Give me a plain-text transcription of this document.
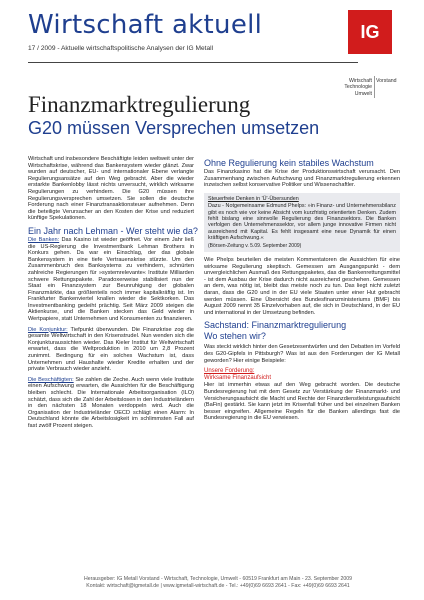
Wirtschaft aktuell
17 / 2009 - Aktuelle wirtschaftspolitische Analysen der IG Metall
IG
Wirtschaft
Technologie
Umwelt
Vorstand
Finanzmarktregulierung
G20 müssen Versprechen umsetzen

Wirtschaft und insbesondere Beschäftigte leiden weltweit unter der Wirtschaftskrise, während das Bankensystem wieder glänzt. Zwar wurden auf deutscher, EU- und internationaler Ebene verlangte Regulierungsansätze auf den Weg gebracht. Aber die wieder erstarkte Bankenlobby lässt nichts unversucht, wirklich wirksame Regulierungen zu verhindern. Die G20 müssen ihre Regulierungsversprechen umsetzen. Sie sollen die deutsche Forderung nach einer Finanztransaktionsteuer aufnehmen. Denn die beteiligte Verursacher an den Kosten der Krise und reduziert künftige Spekulationen.

Ein Jahr nach Lehman - Wer steht wie da?

Die Banken: Das Kasino ist wieder geöffnet. Vor einem Jahr ließ die US-Regierung die Investmentbank Lehman Brothers in Konkurs gehen. Da war ein Einschlag, der das globale Bankensystem in eine tiefe Vertrauenskrise stürzte. Um den Zusammenbruch des Banksystems zu verhindern, schnürten zahlreiche Regierungen für »systemrelevante« Institute Milliarden schwere Rettungspakete. Paradoxerweise stabilisiert nun der Staat ein Finanzsystem zur Beunruhigung der globalen Finanzmärkte, das größtenteils noch immer kapitalkräftig ist. Im Frankfurter Bankenviertel knallen wieder die Sektkorken. Das Investmentbanking gedeiht prächtig. Seit März 2009 steigen die Aktienkurse, und die Banken stecken das Geld wieder in Wertpapiere, statt Unternehmen und Konsumenten zu finanzieren.

Die Konjunktur: Tiefpunkt überwunden. Die Finanzkrise zog die gesamte Weltwirtschaft in den Krisenstrudel. Nun wenden sich die Konjunkturaussichten wieder. Das Kieler Institut für Weltwirtschaft erwartet, dass die Weltproduktion in 2010 um 2,8 Prozent zunimmt. Bedingung für ein solches Wachstum ist, dass Unternehmen und Haushalte wieder Kredite erhalten und der private Verbrauch wieder anzieht.

Die Beschäftigten: Sie zahlen die Zeche. Auch wenn viele Institute einen Aufschwung erwarten, die Aussichten für die Beschäftigung bleiben schlecht. Die Internationale Arbeitsorganisation (ILO) schätzt, dass sich die Zahl der Arbeitslosen in den Industrieländern in den nächsten 18 Monaten verdoppeln wird. Auch die Organisation der Industrieländer OECD schlägt einen Alarm: In Deutschland könnte die Arbeitslosigkeit im schlimmsten Fall auf fast zwölf Prozent steigen.

Ohne Regulierung kein stabiles Wachstum

Das Finanzkasino hat die Krise der Produktionswirtschaft verursacht. Den Zusammenhang zwischen Aufschwung und Finanzmarktregulierung erkennen inzwischen selbst konservative Politiker und Wissenschaftler.

Steuerfreie Denken in 'Ü'-Übersunden
Dazu - Notgemeinsame Edmund Phelps: »in Finanz- und Unternehmensbilanz gibt es noch wie vor keine Absicht vom kurzfristig orientierten Denken. Zudem fehlt bislang eine sinnvolle Regulierung des Finanzsektors. Die Banken verfolgen den Unternehmenssektor, vor allem junge innovative Firmen nicht ausreichend mit Kapital. Es fehlt insgesamt eine neue Dynamik für einen kräftigen Aufschwung.«
(Börsen-Zeitung v. 5.09. September 2009)

Wie Phelps beurteilen die meisten Kommentatoren die Aussichten für eine wirksame Regulierung skeptisch. Gemessen am Ausgangspunkt - dem unvergleichlichen Ausmaß des Rettungspaketes, das die Bankenrettungsmittel - ist dem Ausbau der Krise dadurch nicht ausreichend geschehen. Gemessen an dem, was nötig ist, bleibt das meiste noch zu tun. Das liegt nicht zuletzt daran, dass die G20 und in der EU viele Staaten unter einer Hut gebracht werden müssen. Eine Übersicht des Bundesfinanzministeriums (BMF) bis August 2009 nennt 35 Einzelvorhaben auf, die sich in Deutschland, in der EU und international in der Umsetzung befinden.

Sachstand: Finanzmarktregulierung
Wo stehen wir?

Was steckt wirklich hinter den Gesetzesentwürfen und den Debatten im Vorfeld des G20-Gipfels in Pittsburgh? Was ist aus den Forderungen der IG Metall geworden? Hier einige Beispiele:

Unsere Forderung:
Wirksame Finanzaufsicht

Hier ist immerhin etwas auf den Weg gebracht worden. Die deutsche Bundesregierung hat mit dem Gesetz zur Verstärkung der Finanzmarkt- und Versicherungsaufsicht die Macht und Rechte der Finanzdienstleistungsaufsicht (BaFin) gestärkt. Sie kann jetzt im Krisenfall früher und bei einzelnen Banken besser eingreifen. Allgemeine Regeln für die Banken allerdings fast die Bundesregierung in die EU verwiesen.

Herausgeber: IG Metall Vorstand - Wirtschaft, Technologie, Umwelt - 60519 Frankfurt am Main - 23. September 2009
Kontakt: wirtschaft@igmetall.de | www.igmetall-wirtschaft.de - Tel.: +49(0)69 6693 2641 - Fax: +49(0)69 6693 2641
